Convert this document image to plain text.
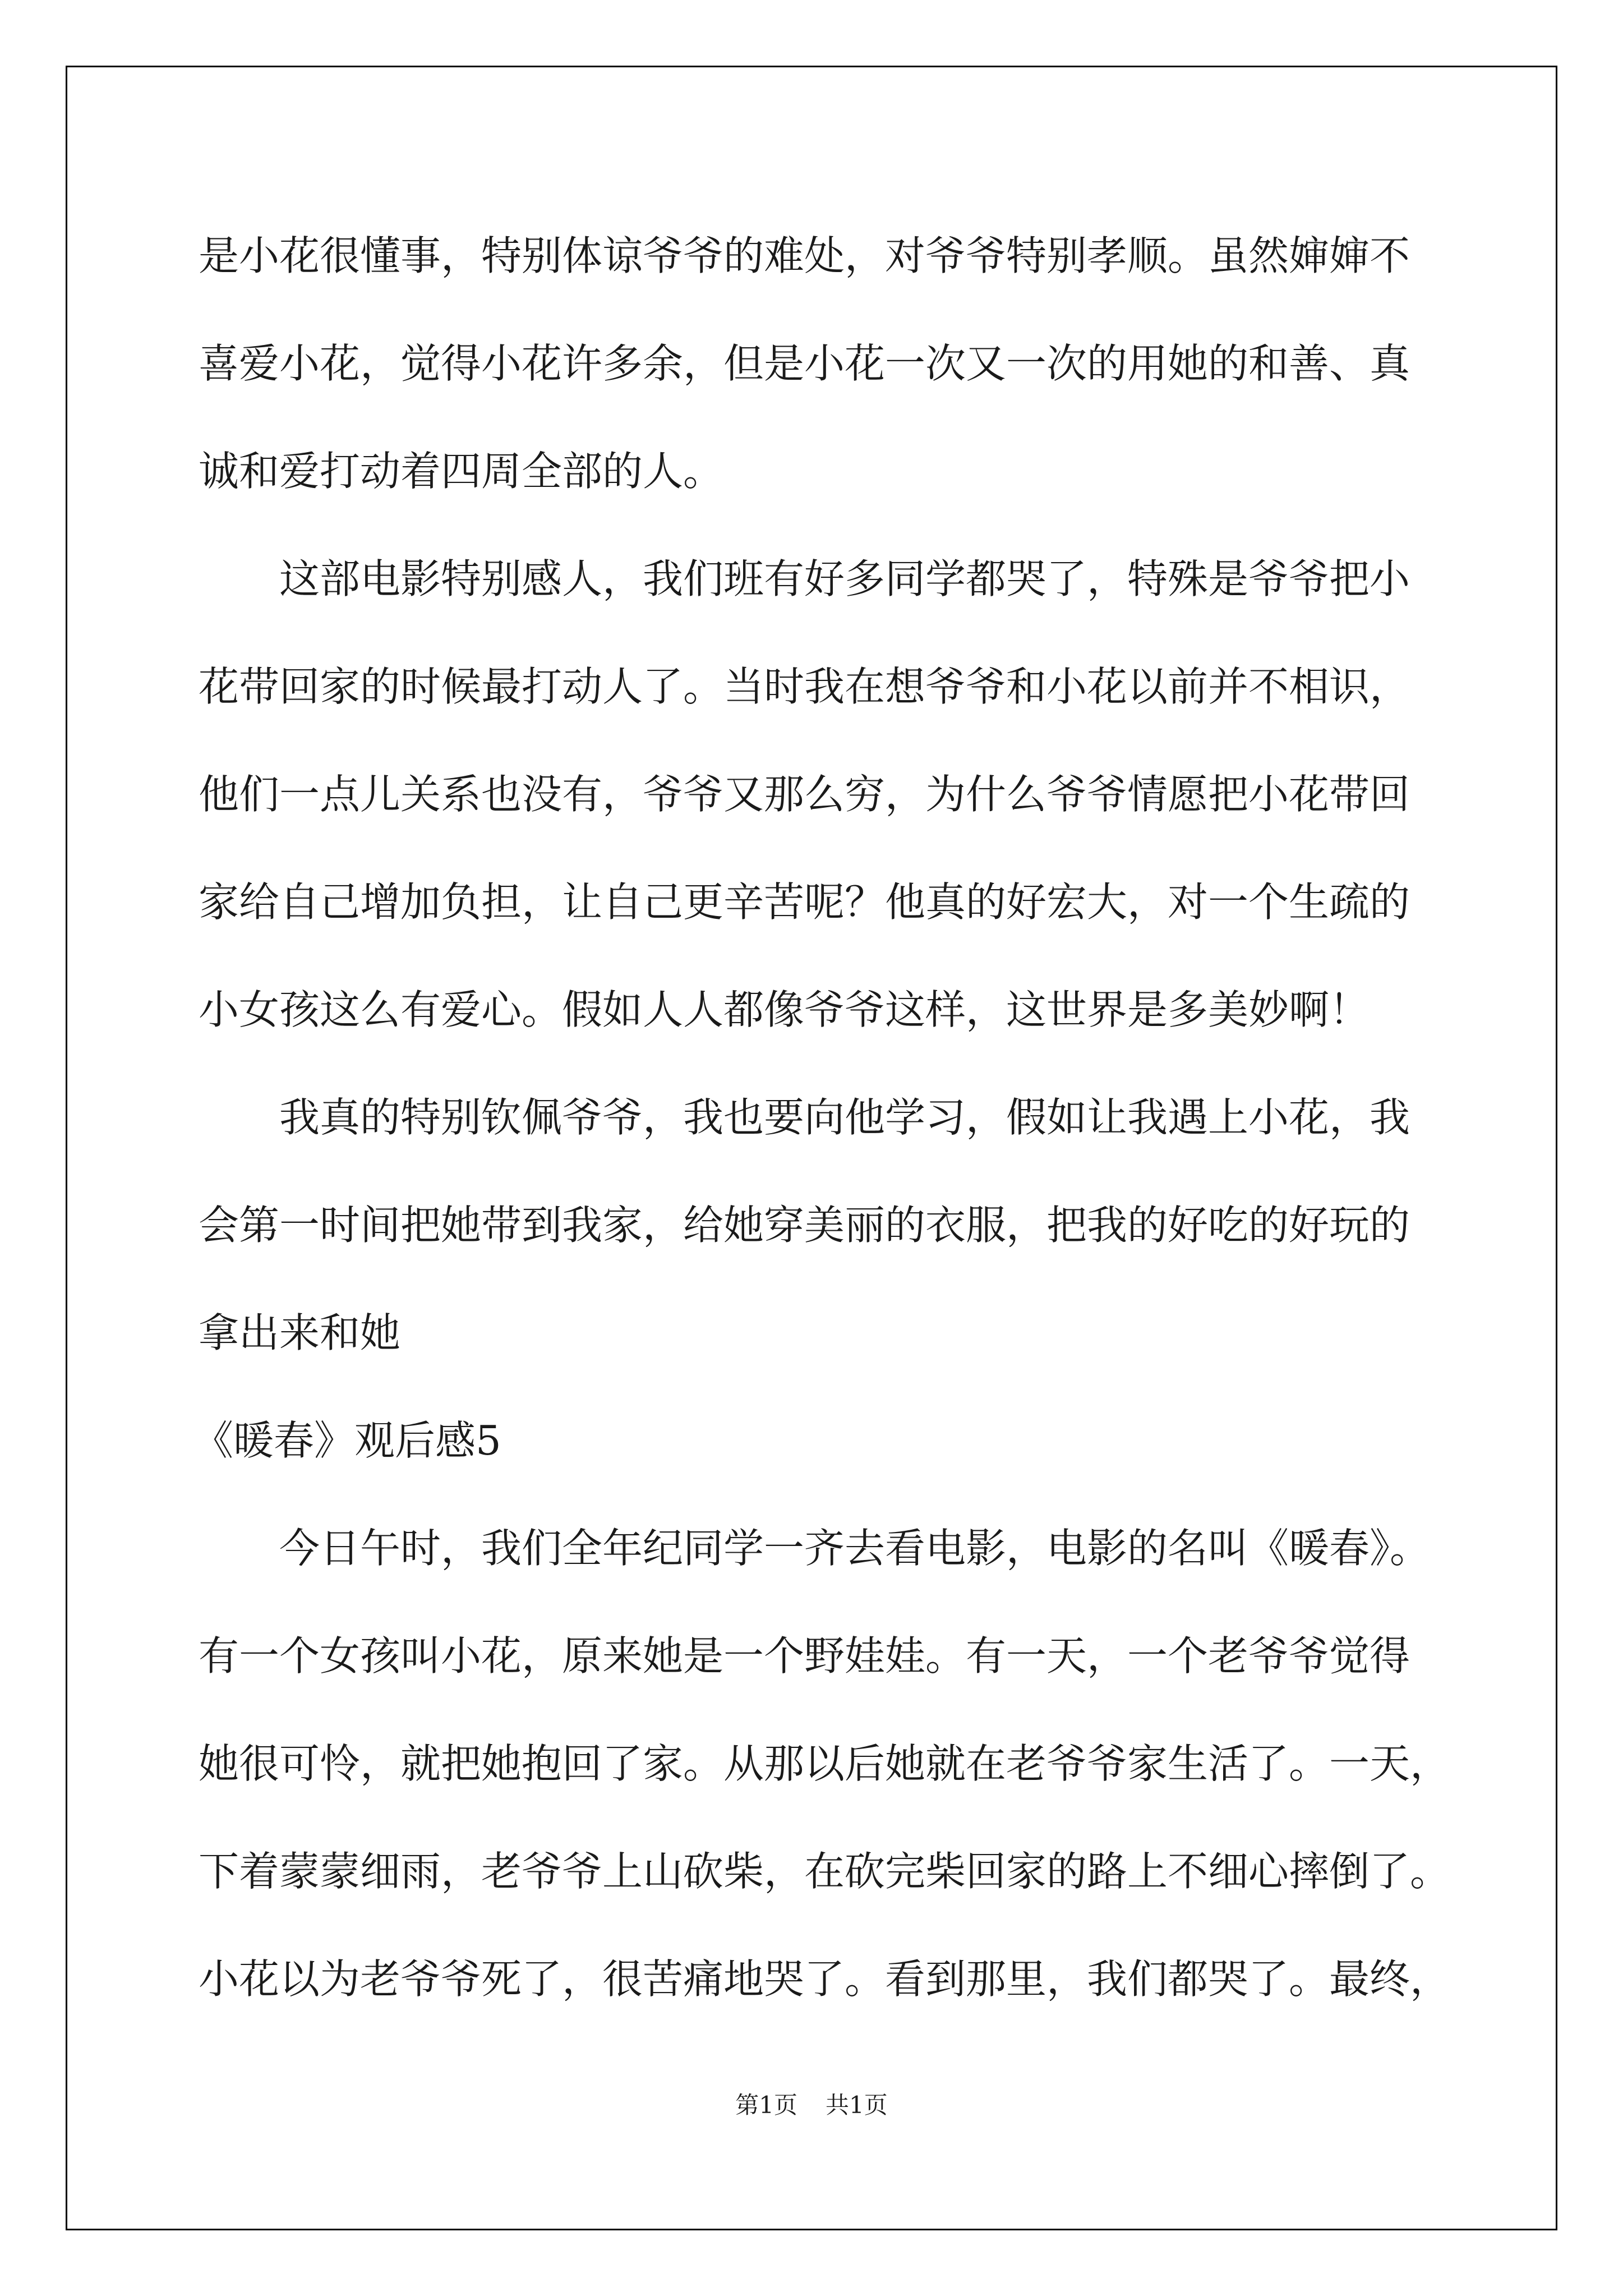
是小花很懂事，特别体谅爷爷的难处，对爷爷特别孝顺。虽然婶婶不
喜爱小花，觉得小花许多余，但是小花一次又一次的用她的和善、真
诚和爱打动着四周全部的人。
这部电影特别感人，我们班有好多同学都哭了，特殊是爷爷把小
花带回家的时候最打动人了。当时我在想爷爷和小花以前并不相识，
他们一点儿关系也没有，爷爷又那么穷，为什么爷爷情愿把小花带回
家给自己增加负担，让自己更辛苦呢？他真的好宏大，对一个生疏的
小女孩这么有爱心。假如人人都像爷爷这样，这世界是多美妙啊！
我真的特别钦佩爷爷，我也要向他学习，假如让我遇上小花，我
会第一时间把她带到我家，给她穿美丽的衣服，把我的好吃的好玩的
拿出来和她
《暖春》观后感5
今日午时，我们全年纪同学一齐去看电影，电影的名叫《暖春》。
有一个女孩叫小花，原来她是一个野娃娃。有一天，一个老爷爷觉得
她很可怜，就把她抱回了家。从那以后她就在老爷爷家生活了。一天，
下着蒙蒙细雨，老爷爷上山砍柴，在砍完柴回家的路上不细心摔倒了。
小花以为老爷爷死了，很苦痛地哭了。看到那里，我们都哭了。最终，
第1页 共1页
